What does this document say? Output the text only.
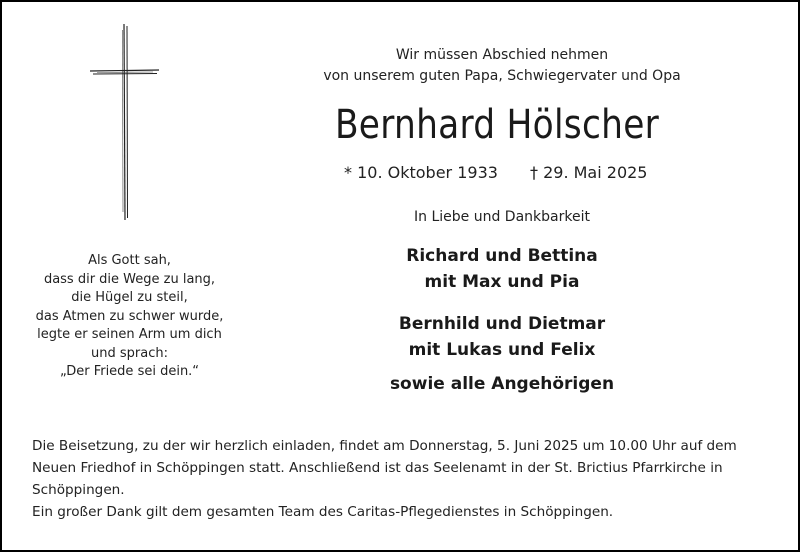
Als Gott sah,
dass dir die Wege zu lang,
die Hügel zu steil,
das Atmen zu schwer wurde,
legte er seinen Arm um dich
und sprach:
„Der Friede sei dein.“
Wir müssen Abschied nehmen
von unserem guten Papa, Schwiegervater und Opa
Bernhard Hölscher
* 10. Oktober 1933 † 29. Mai 2025
In Liebe und Dankbarkeit
Richard und Bettina
mit Max und Pia
Bernhild und Dietmar
mit Lukas und Felix
sowie alle Angehörigen
Die Beisetzung, zu der wir herzlich einladen, findet am Donnerstag, 5. Juni 2025 um 10.00 Uhr auf dem
Neuen Friedhof in Schöppingen statt. Anschließend ist das Seelenamt in der St. Brictius Pfarrkirche in
Schöppingen.
Ein großer Dank gilt dem gesamten Team des Caritas-Pflegedienstes in Schöppingen.
